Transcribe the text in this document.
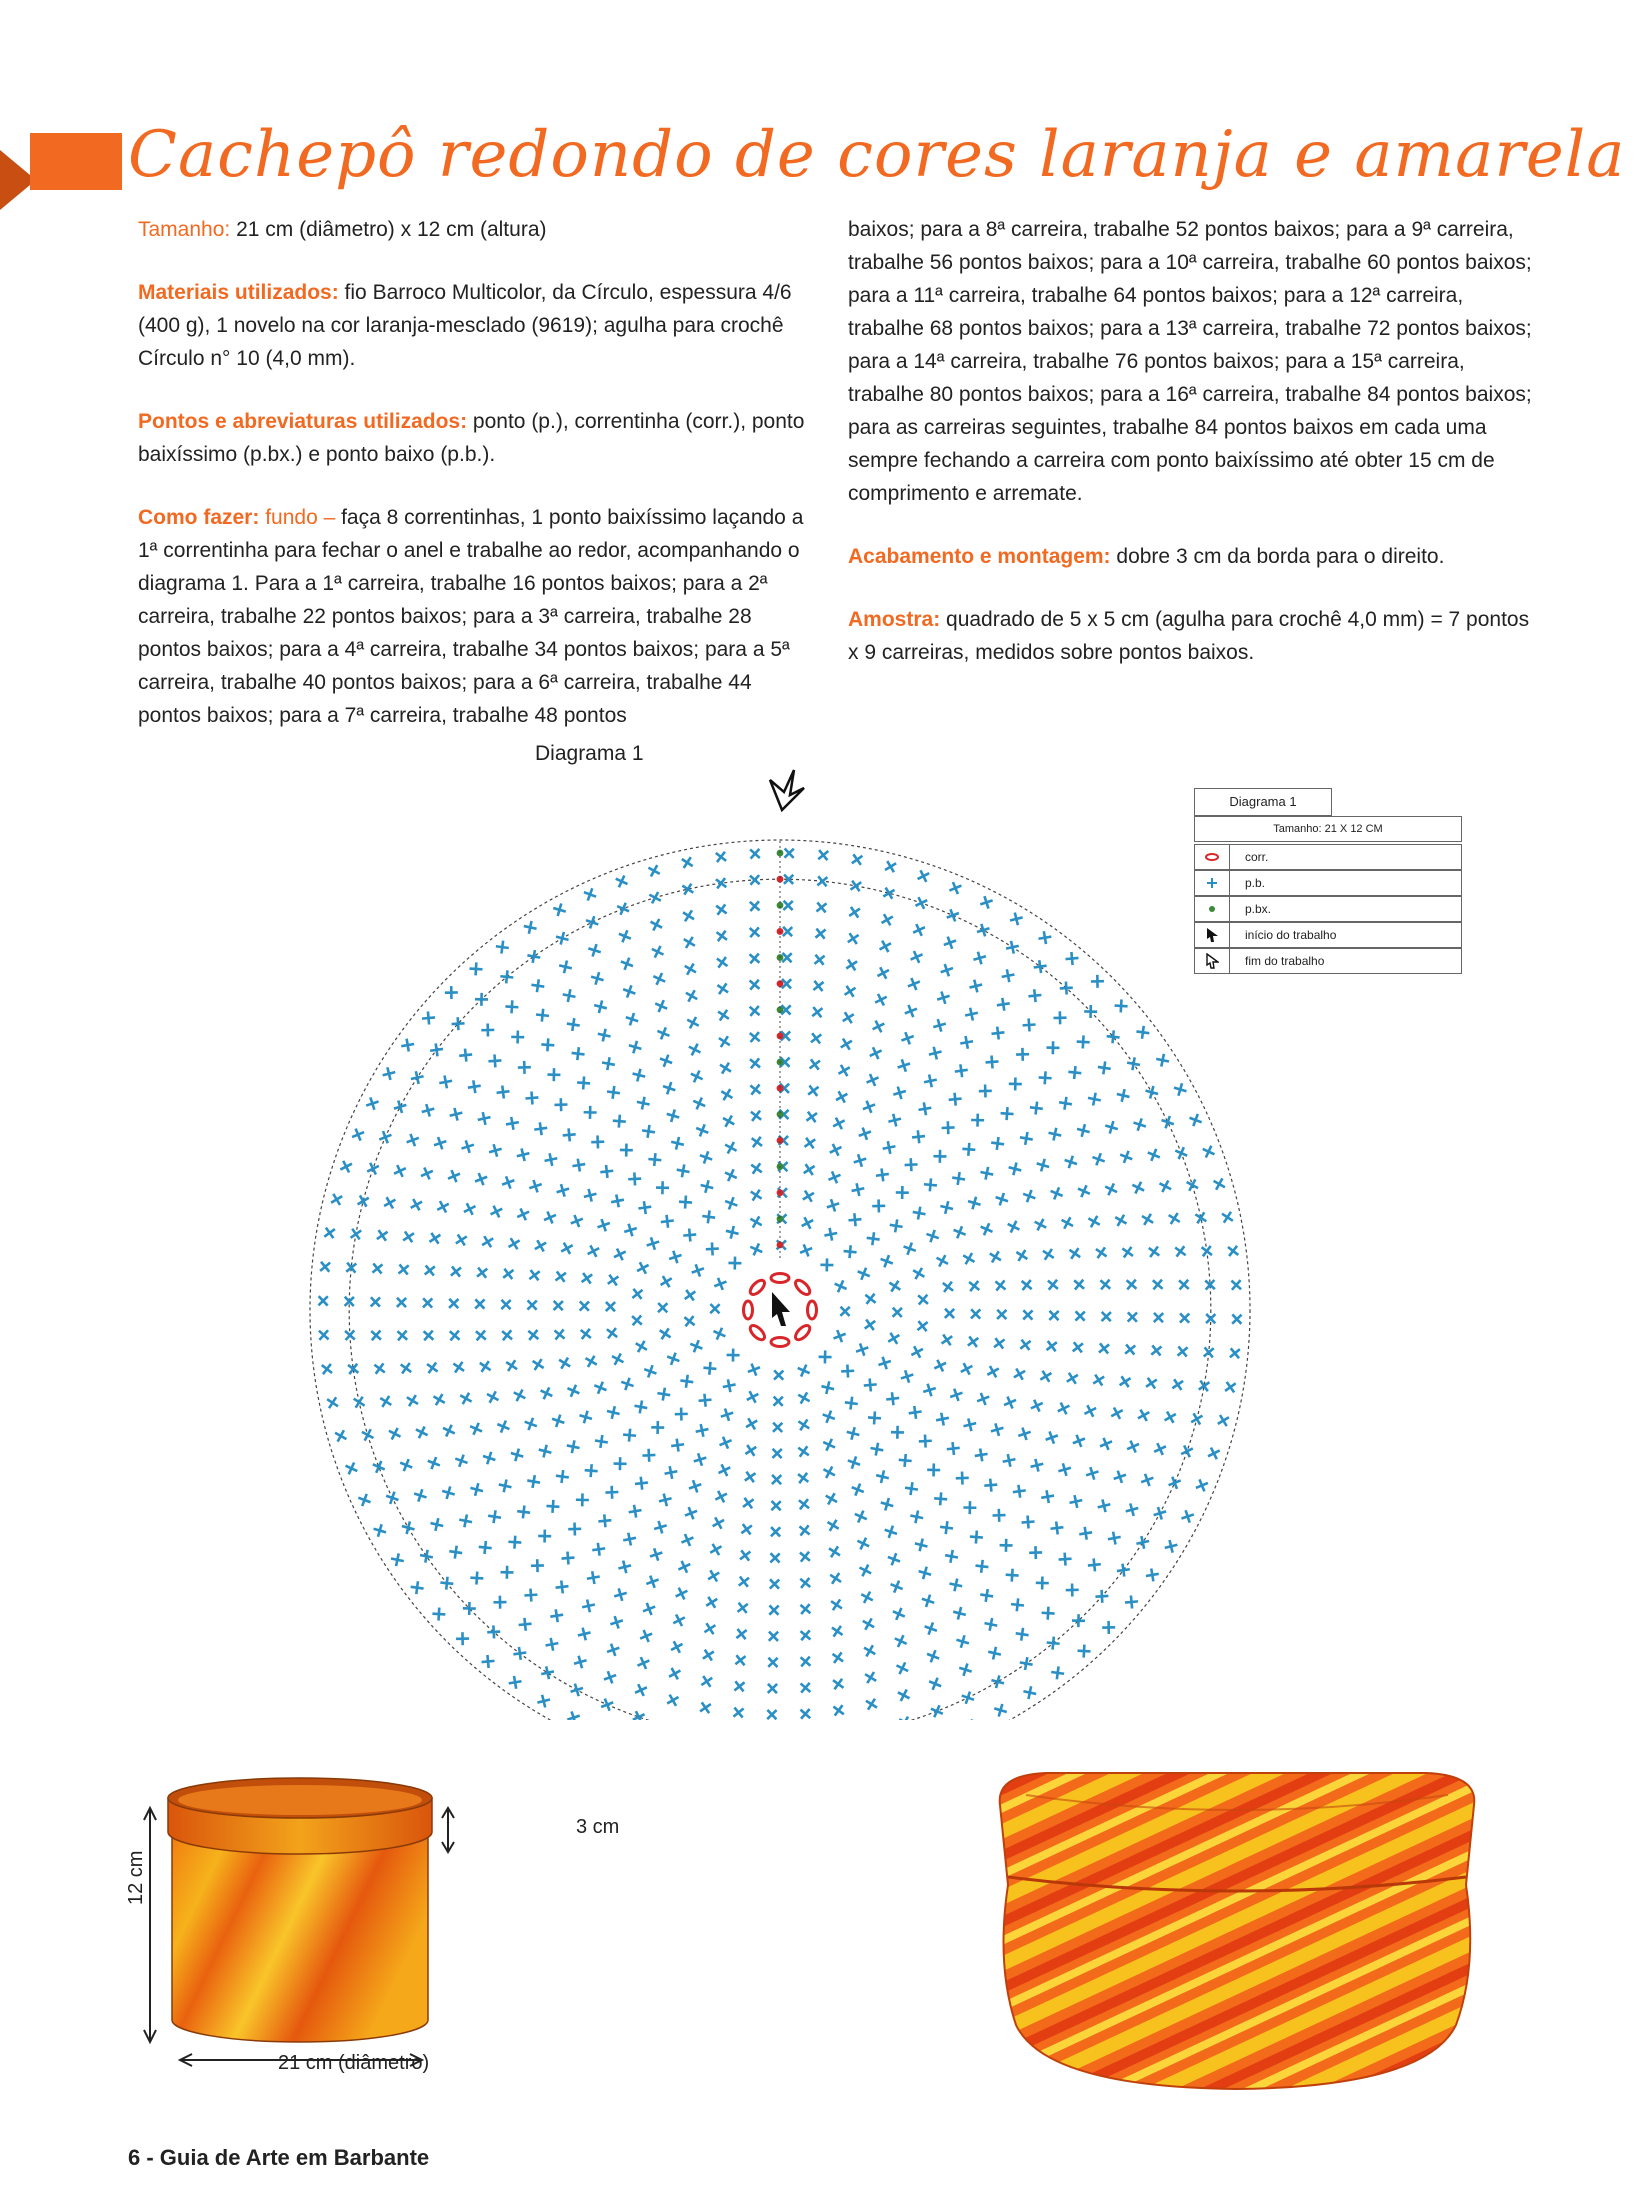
Cachepô redondo de cores laranja e amarela

Tamanho: 21 cm (diâmetro) x 12 cm (altura)

Materiais utilizados: fio Barroco Multicolor, da Círculo, espessura 4/6 (400 g), 1 novelo na cor laranja-mesclado (9619); agulha para crochê Círculo n° 10 (4,0 mm).

Pontos e abreviaturas utilizados: ponto (p.), correntinha (corr.), ponto baixíssimo (p.bx.) e ponto baixo (p.b.).

Como fazer: fundo – faça 8 correntinhas, 1 ponto baixíssimo laçando a 1ª correntinha para fechar o anel e trabalhe ao redor, acompanhando o diagrama 1. Para a 1ª carreira, trabalhe 16 pontos baixos; para a 2ª carreira, trabalhe 22 pontos baixos; para a 3ª carreira, trabalhe 28 pontos baixos; para a 4ª carreira, trabalhe 34 pontos baixos; para a 5ª carreira, trabalhe 40 pontos baixos; para a 6ª carreira, trabalhe 44 pontos baixos; para a 7ª carreira, trabalhe 48 pontos

baixos; para a 8ª carreira, trabalhe 52 pontos baixos; para a 9ª carreira, trabalhe 56 pontos baixos; para a 10ª carreira, trabalhe 60 pontos baixos; para a 11ª carreira, trabalhe 64 pontos baixos; para a 12ª carreira, trabalhe 68 pontos baixos; para a 13ª carreira, trabalhe 72 pontos baixos; para a 14ª carreira, trabalhe 76 pontos baixos; para a 15ª carreira, trabalhe 80 pontos baixos; para a 16ª carreira, trabalhe 84 pontos baixos; para as carreiras seguintes, trabalhe 84 pontos baixos em cada uma sempre fechando a carreira com ponto baixíssimo até obter 15 cm de comprimento e arremate.

Acabamento e montagem: dobre 3 cm da borda para o direito.

Amostra: quadrado de 5 x 5 cm (agulha para crochê 4,0 mm) = 7 pontos x 9 carreiras, medidos sobre pontos baixos.

Diagrama 1
Diagrama 1
Tamanho: 21 X 12 CM
corr.
p.b.
p.bx.
início do trabalho
fim do trabalho
12 cm
3 cm
21 cm (diâmetro)
6 - Guia de Arte em Barbante
